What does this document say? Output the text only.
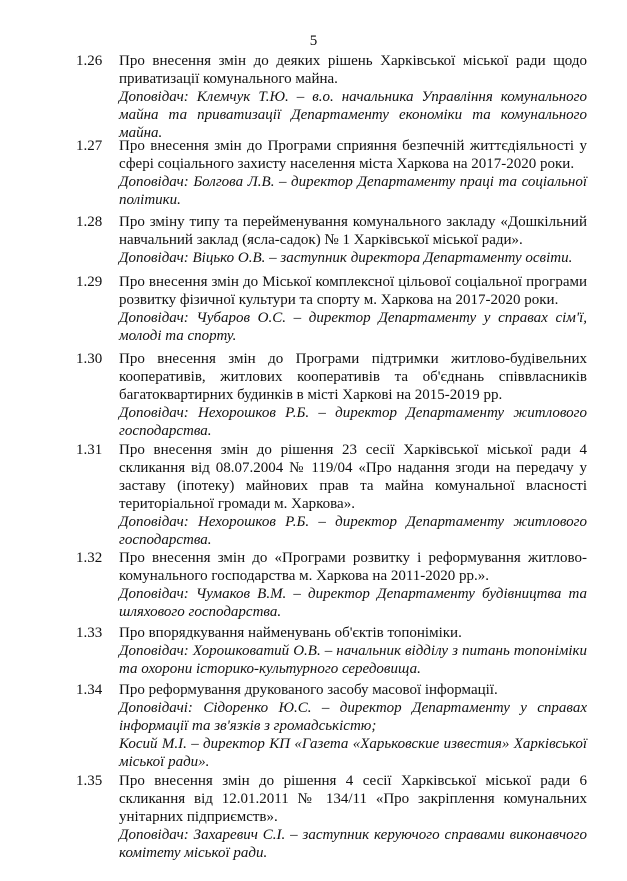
5
1.26	Про внесення змін до деяких рішень Харківської міської ради щодо приватизації комунального майна.

Доповідач: Клемчук Т.Ю. – в.о. начальника Управління комунального майна та приватизації Департаменту економіки та комунального майна.

1.27	Про внесення змін до Програми сприяння безпечній життєдіяльності у сфері соціального захисту населення міста Харкова на 2017-2020 роки.

Доповідач: Болгова Л.В. – директор Департаменту праці та соціальної політики.

1.28	Про зміну типу та перейменування комунального закладу «Дошкільний навчальний заклад (ясла-садок) № 1 Харківської міської ради».

Доповідач: Віцько О.В. – заступник директора Департаменту освіти.

1.29	Про внесення змін до Міської комплексної цільової соціальної програми розвитку фізичної культури та спорту м. Харкова на 2017-2020 роки.

Доповідач: Чубаров О.С. – директор Департаменту у справах сім'ї, молоді та спорту.

1.30	Про внесення змін до Програми підтримки житлово-будівельних кооперативів, житлових кооперативів та об'єднань співвласників багатоквартирних будинків в місті Харкові на 2015-2019 рр.

Доповідач: Нехорошков Р.Б. – директор Департаменту житлового господарства.

1.31	Про внесення змін до рішення 23 сесії Харківської міської ради 4 скликання від 08.07.2004 № 119/04 «Про надання згоди на передачу у заставу (іпотеку) майнових прав та майна комунальної власності територіальної громади м. Харкова».

Доповідач: Нехорошков Р.Б. – директор Департаменту житлового господарства.

1.32	Про внесення змін до «Програми розвитку і реформування житлово-комунального господарства м. Харкова на 2011-2020 рр.».

Доповідач: Чумаков В.М. – директор Департаменту будівництва та шляхового господарства.

1.33	Про впорядкування найменувань об'єктів топоніміки.

Доповідач: Хорошковатий О.В. – начальник відділу з питань топоніміки та охорони історико-культурного середовища.

1.34	Про реформування друкованого засобу масової інформації.

Доповідачі: Сідоренко Ю.С. – директор Департаменту у справах інформації та зв'язків з громадськістю;

Косий М.І. – директор КП «Газета «Харьковские известия» Харківської міської ради».

1.35	Про внесення змін до рішення 4 сесії Харківської міської ради 6 скликання від 12.01.2011 № 134/11 «Про закріплення комунальних унітарних підприємств».

Доповідач: Захаревич С.І. – заступник керуючого справами виконавчого комітету міської ради.
